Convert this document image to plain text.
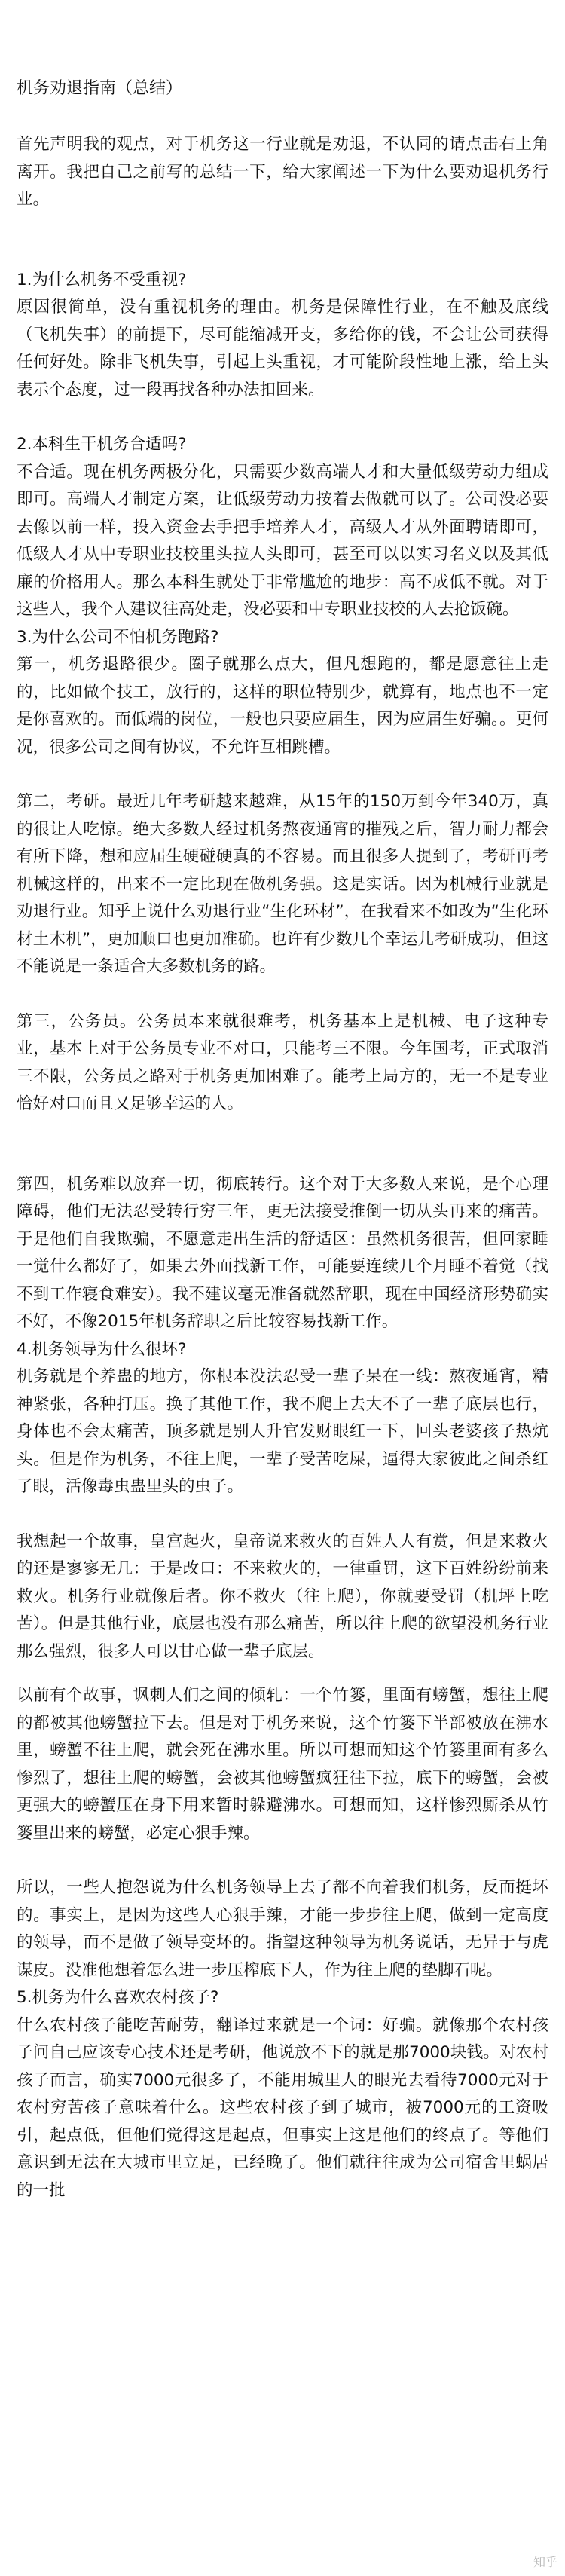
机务劝退指南（总结）

首先声明我的观点，对于机务这一行业就是劝退，不认同的请点击右上角离开。我把自己之前写的总结一下，给大家阐述一下为什么要劝退机务行业。

1.为什么机务不受重视?

原因很简单，没有重视机务的理由。机务是保障性行业，在不触及底线（飞机失事）的前提下，尽可能缩减开支，多给你的钱，不会让公司获得任何好处。除非飞机失事，引起上头重视，才可能阶段性地上涨，给上头表示个态度，过一段再找各种办法扣回来。

2.本科生干机务合适吗?

不合适。现在机务两极分化，只需要少数高端人才和大量低级劳动力组成即可。高端人才制定方案，让低级劳动力按着去做就可以了。公司没必要去像以前一样，投入资金去手把手培养人才，高级人才从外面聘请即可，低级人才从中专职业技校里头拉人头即可，甚至可以以实习名义以及其低廉的价格用人。那么本科生就处于非常尴尬的地步：高不成低不就。对于这些人，我个人建议往高处走，没必要和中专职业技校的人去抢饭碗。

3.为什么公司不怕机务跑路?

第一，机务退路很少。圈子就那么点大，但凡想跑的，都是愿意往上走的，比如做个技工，放行的，这样的职位特别少，就算有，地点也不一定是你喜欢的。而低端的岗位，一般也只要应届生，因为应届生好骗。。更何况，很多公司之间有协议，不允许互相跳槽。

第二，考研。最近几年考研越来越难，从15年的150万到今年340万，真的很让人吃惊。绝大多数人经过机务熬夜通宵的摧残之后，智力耐力都会有所下降，想和应届生硬碰硬真的不容易。而且很多人提到了，考研再考机械这样的，出来不一定比现在做机务强。这是实话。因为机械行业就是劝退行业。知乎上说什么劝退行业“生化环材”，在我看来不如改为“生化环材土木机”，更加顺口也更加准确。也许有少数几个幸运儿考研成功，但这不能说是一条适合大多数机务的路。

第三，公务员。公务员本来就很难考，机务基本上是机械、电子这种专业，基本上对于公务员专业不对口，只能考三不限。今年国考，正式取消三不限，公务员之路对于机务更加困难了。能考上局方的，无一不是专业恰好对口而且又足够幸运的人。

第四，机务难以放弃一切，彻底转行。这个对于大多数人来说，是个心理障碍，他们无法忍受转行穷三年，更无法接受推倒一切从头再来的痛苦。于是他们自我欺骗，不愿意走出生活的舒适区：虽然机务很苦，但回家睡一觉什么都好了，如果去外面找新工作，可能要连续几个月睡不着觉（找不到工作寝食难安）。我不建议毫无准备就然辞职，现在中国经济形势确实不好，不像2015年机务辞职之后比较容易找新工作。

4.机务领导为什么很坏?

机务就是个养蛊的地方，你根本没法忍受一辈子呆在一线：熬夜通宵，精神紧张，各种打压。换了其他工作，我不爬上去大不了一辈子底层也行，身体也不会太痛苦，顶多就是别人升官发财眼红一下，回头老婆孩子热炕头。但是作为机务，不往上爬，一辈子受苦吃屎，逼得大家彼此之间杀红了眼，活像毒虫蛊里头的虫子。

我想起一个故事，皇宫起火，皇帝说来救火的百姓人人有赏，但是来救火的还是寥寥无几：于是改口：不来救火的，一律重罚，这下百姓纷纷前来救火。机务行业就像后者。你不救火（往上爬），你就要受罚（机坪上吃苦）。但是其他行业，底层也没有那么痛苦，所以往上爬的欲望没机务行业那么强烈，很多人可以甘心做一辈子底层。

以前有个故事，讽刺人们之间的倾轧：一个竹篓，里面有螃蟹，想往上爬的都被其他螃蟹拉下去。但是对于机务来说，这个竹篓下半部被放在沸水里，螃蟹不往上爬，就会死在沸水里。所以可想而知这个竹篓里面有多么惨烈了，想往上爬的螃蟹，会被其他螃蟹疯狂往下拉，底下的螃蟹，会被更强大的螃蟹压在身下用来暂时躲避沸水。可想而知，这样惨烈厮杀从竹篓里出来的螃蟹，必定心狠手辣。

所以，一些人抱怨说为什么机务领导上去了都不向着我们机务，反而挺坏的。事实上，是因为这些人心狠手辣，才能一步步往上爬，做到一定高度的领导，而不是做了领导变坏的。指望这种领导为机务说话，无异于与虎谋皮。没准他想着怎么进一步压榨底下人，作为往上爬的垫脚石呢。

5.机务为什么喜欢农村孩子?

什么农村孩子能吃苦耐劳，翻译过来就是一个词：好骗。就像那个农村孩子问自己应该专心技术还是考研，他说放不下的就是那7000块钱。对农村孩子而言，确实7000元很多了，不能用城里人的眼光去看待7000元对于农村穷苦孩子意味着什么。这些农村孩子到了城市，被7000元的工资吸引，起点低，但他们觉得这是起点，但事实上这是他们的终点了。等他们意识到无法在大城市里立足，已经晚了。他们就往往成为公司宿舍里蜗居的一批

知乎
